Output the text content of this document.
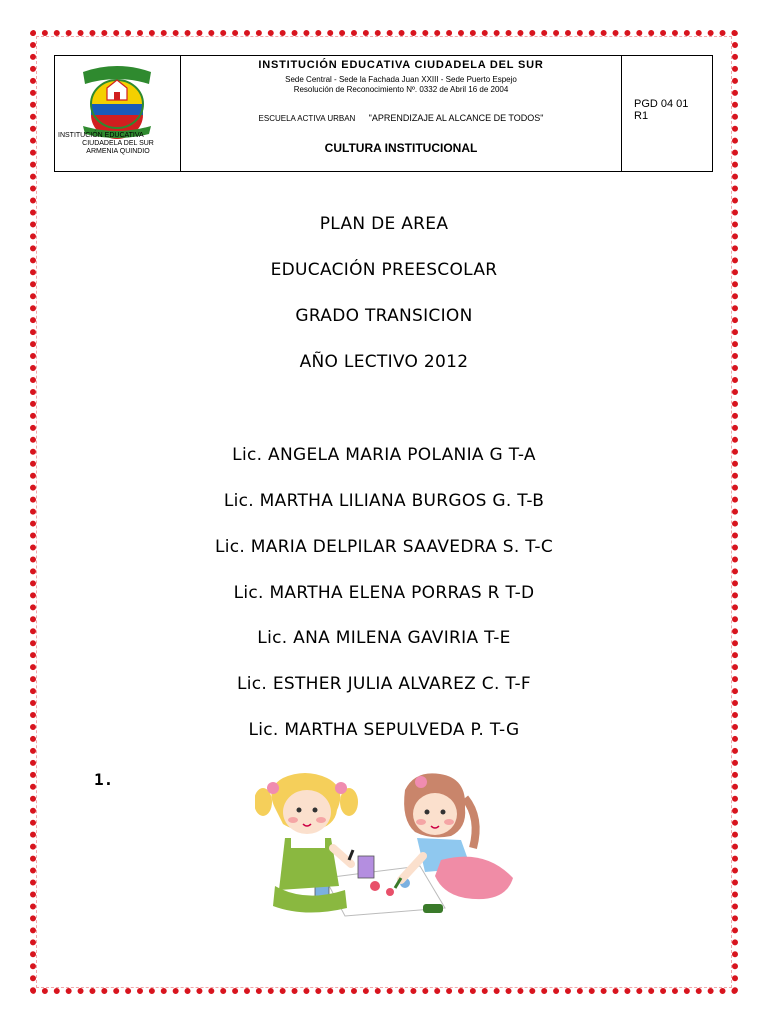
INSTITUCIÓN EDUCATIVA
CIUDADELA DEL SUR
ARMENIA QUINDIO
INSTITUCIÓN EDUCATIVA CIUDADELA DEL SUR
Sede Central - Sede la Fachada Juan XXIII - Sede Puerto Espejo
Resolución de Reconocimiento Nº. 0332 de Abril 16 de 2004
ESCUELA ACTIVA URBAN "APRENDIZAJE AL ALCANCE DE TODOS"
CULTURA INSTITUCIONAL
PGD 04 01
R1
PLAN DE AREA
EDUCACIÓN PREESCOLAR
GRADO TRANSICION
AÑO LECTIVO 2012
Lic. ANGELA MARIA POLANIA G T-A
Lic. MARTHA LILIANA BURGOS G. T-B
Lic. MARIA DELPILAR SAAVEDRA S. T-C
Lic. MARTHA ELENA PORRAS R T-D
Lic. ANA MILENA GAVIRIA T-E
Lic. ESTHER JULIA ALVAREZ C. T-F
Lic. MARTHA SEPULVEDA P. T-G
1.
